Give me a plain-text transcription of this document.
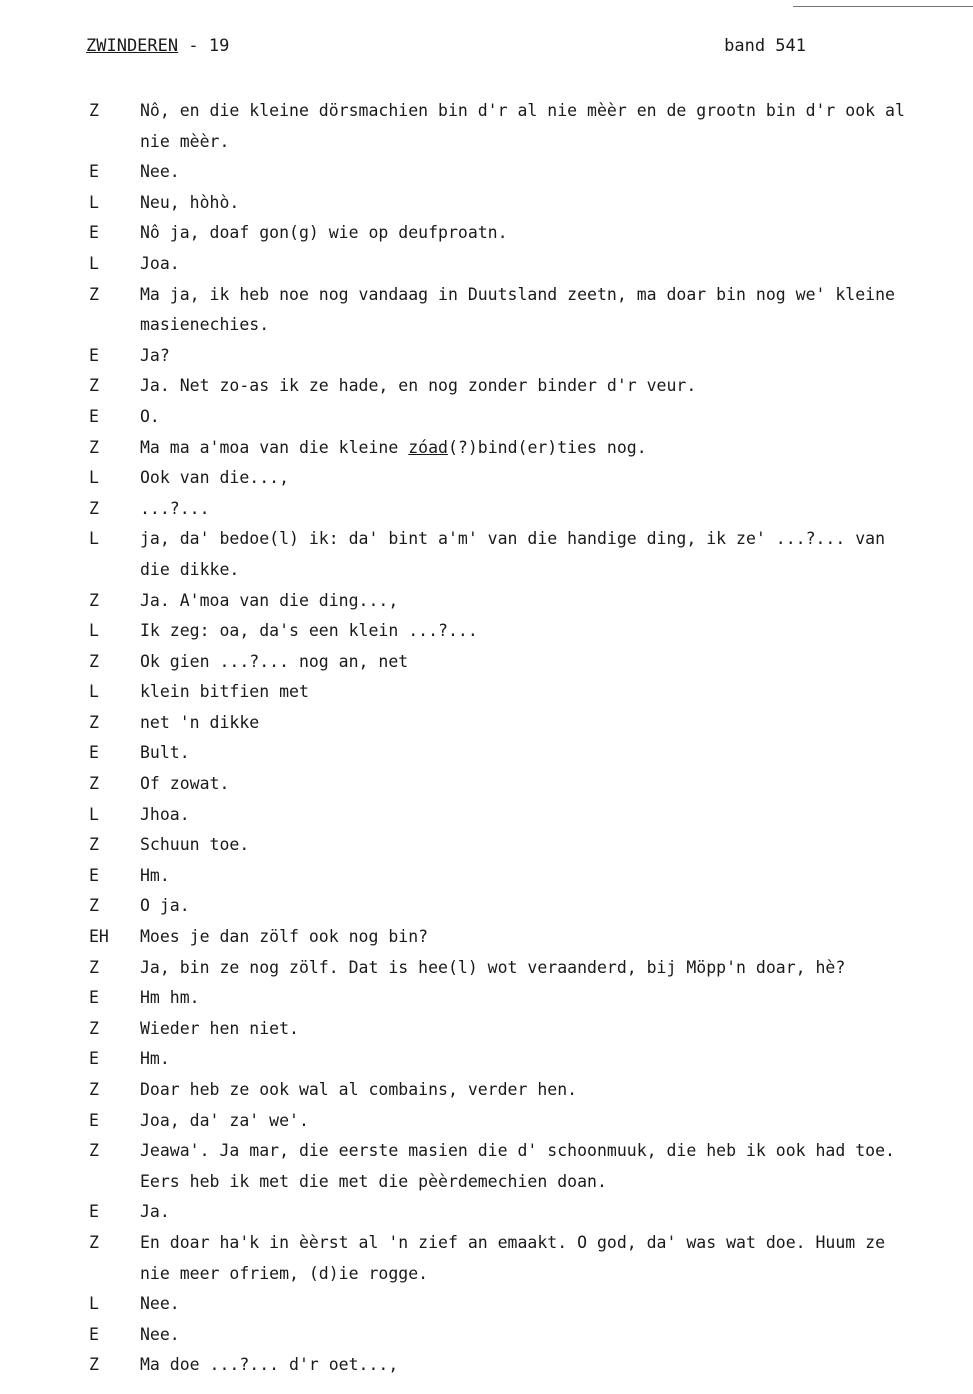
ZWINDEREN - 19	band 541
Z	Nô, en die kleine dörsmachien bin d'r al nie mèèr en de grootn bin d'r ook al
nie mèèr.
E	Nee.
L	Neu, hòhò.
E	Nô ja, doaf gon(g) wie op deufproatn.
L	Joa.
Z	Ma ja, ik heb noe nog vandaag in Duutsland zeetn, ma doar bin nog we' kleine
masienechies.
E	Ja?
Z	Ja. Net zo-as ik ze hade, en nog zonder binder d'r veur.
E	O.
Z	Ma ma a'moa van die kleine zóad(?)bind(er)ties nog.
L	Ook van die...,
Z	...?...
L	ja, da' bedoe(l) ik: da' bint a'm' van die handige ding, ik ze' ...?... van
die dikke.
Z	Ja. A'moa van die ding...,
L	Ik zeg: oa, da's een klein ...?...
Z	Ok gien ...?... nog an, net
L	klein bitfien met
Z	net 'n dikke
E	Bult.
Z	Of zowat.
L	Jhoa.
Z	Schuun toe.
E	Hm.
Z	O ja.
EH	Moes je dan zölf ook nog bin?
Z	Ja, bin ze nog zölf. Dat is hee(l) wot veraanderd, bij Möpp'n doar, hè?
E	Hm hm.
Z	Wieder hen niet.
E	Hm.
Z	Doar heb ze ook wal al combains, verder hen.
E	Joa, da' za' we'.
Z	Jeawa'. Ja mar, die eerste masien die d' schoonmuuk, die heb ik ook had toe.
Eers heb ik met die met die pèèrdemechien doan.
E	Ja.
Z	En doar ha'k in èèrst al 'n zief an emaakt. O god, da' was wat doe. Huum ze
nie meer ofriem, (d)ie rogge.
L	Nee.
E	Nee.
Z	Ma doe ...?... d'r oet...,
